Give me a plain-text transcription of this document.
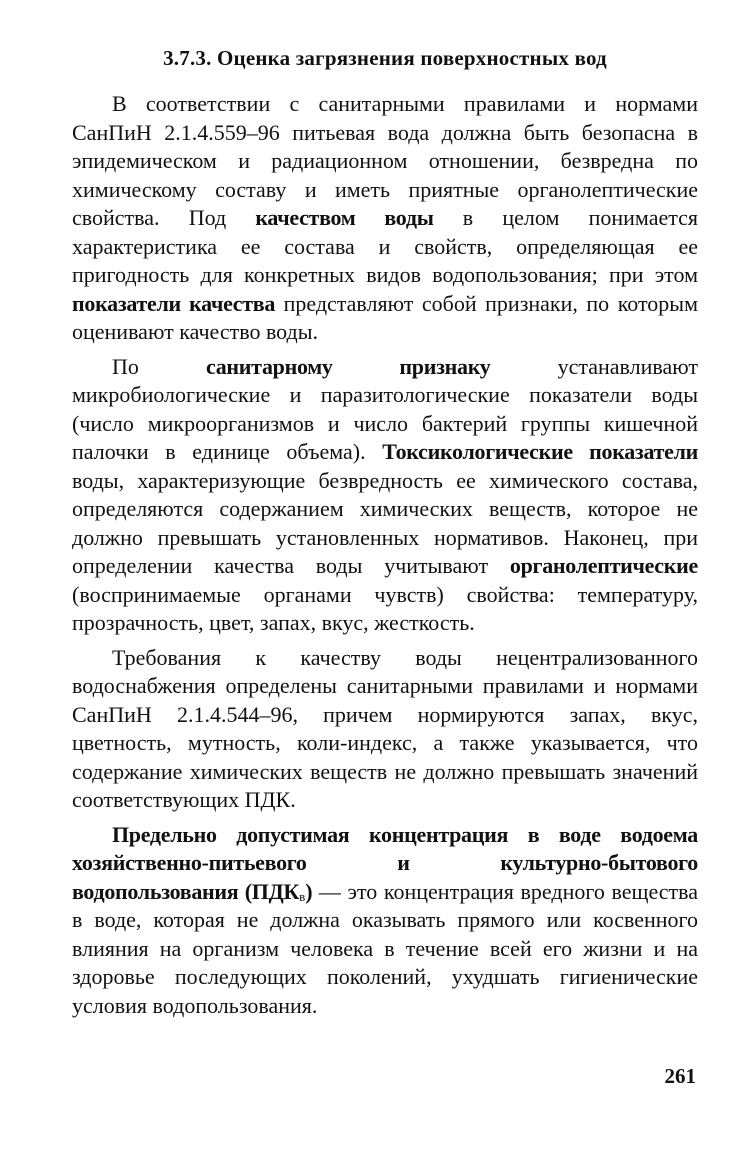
3.7.3. Оценка загрязнения поверхностных вод

В соответствии с санитарными правилами и нормами СанПиН 2.1.4.559–96 питьевая вода должна быть безопасна в эпидемическом и радиационном отношении, безвредна по химическому составу и иметь приятные органолептические свойства. Под качеством воды в целом понимается характеристика ее состава и свойств, определяющая ее пригодность для конкретных видов водопользования; при этом показатели качества представляют собой признаки, по которым оценивают качество воды.

По санитарному признаку устанавливают микробиологические и паразитологические показатели воды (число микроорганизмов и число бактерий группы кишечной палочки в единице объема). Токсикологические показатели воды, характеризующие безвредность ее химического состава, определяются содержанием химических веществ, которое не должно превышать установленных нормативов. Наконец, при определении качества воды учитывают органолептические (воспринимаемые органами чувств) свойства: температуру, прозрачность, цвет, запах, вкус, жесткость.

Требования к качеству воды нецентрализованного водоснабжения определены санитарными правилами и нормами СанПиН 2.1.4.544–96, причем нормируются запах, вкус, цветность, мутность, коли-индекс, а также указывается, что содержание химических веществ не должно превышать значений соответствующих ПДК.

Предельно допустимая концентрация в воде водоема хозяйственно-питьевого и культурно-бытового водопользования $(ПДК_в)$ — это концентрация вредного вещества в воде, которая не должна оказывать прямого или косвенного влияния на организм человека в течение всей его жизни и на здоровье последующих поколений, ухудшать гигиенические условия водопользования.

261
